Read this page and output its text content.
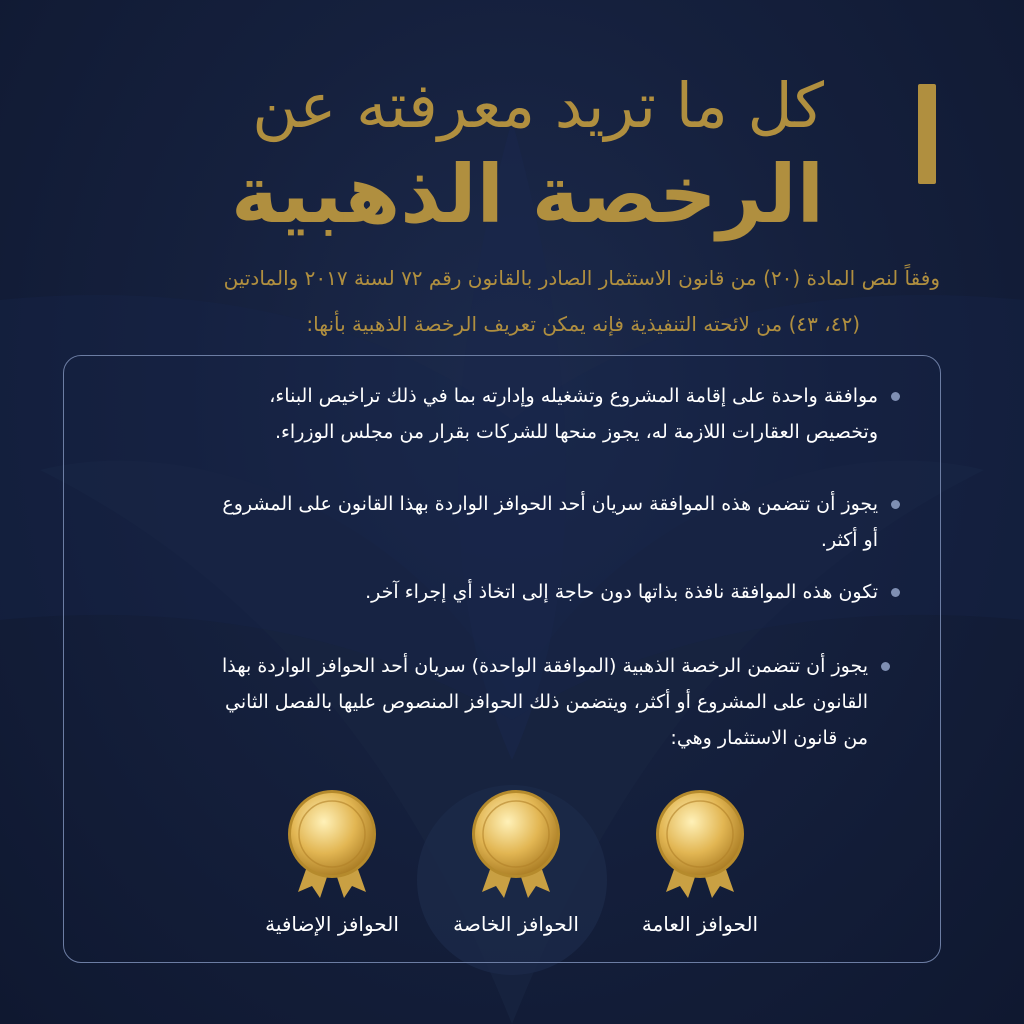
كل ما تريد معرفته عن
الرخصة الذهبية
وفقاً لنص المادة (٢٠) من قانون الاستثمار الصادر بالقانون رقم ٧٢ لسنة ٢٠١٧ والمادتين
(٤٢، ٤٣) من لائحته التنفيذية فإنه يمكن تعريف الرخصة الذهبية بأنها:
موافقة واحدة على إقامة المشروع وتشغيله وإدارته بما في ذلك تراخيص البناء،
وتخصيص العقارات اللازمة له، يجوز منحها للشركات بقرار من مجلس الوزراء.
يجوز أن تتضمن هذه الموافقة سريان أحد الحوافز الواردة بهذا القانون على المشروع
أو أكثر.
تكون هذه الموافقة نافذة بذاتها دون حاجة إلى اتخاذ أي إجراء آخر.
يجوز أن تتضمن الرخصة الذهبية (الموافقة الواحدة) سريان أحد الحوافز الواردة بهذا
القانون على المشروع أو أكثر، ويتضمن ذلك الحوافز المنصوص عليها بالفصل الثاني
من قانون الاستثمار وهي:
الحوافز العامة
الحوافز الخاصة
الحوافز الإضافية
